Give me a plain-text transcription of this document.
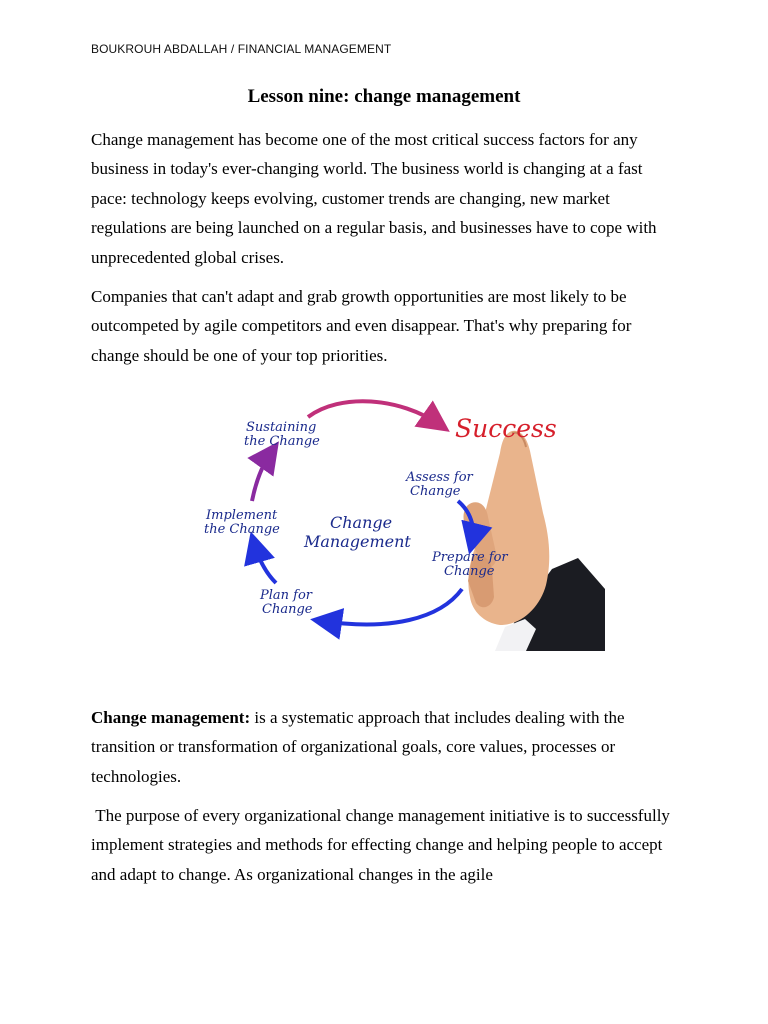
BOUKROUH ABDALLAH / FINANCIAL MANAGEMENT
Lesson nine: change management

Change management has become one of the most critical success factors for any business in today's ever-changing world. The business world is changing at a fast pace: technology keeps evolving, customer trends are changing, new market regulations are being launched on a regular basis, and businesses have to cope with unprecedented global crises.

Companies that can't adapt and grab growth opportunities are most likely to be outcompeted by agile competitors and even disappear. That's why preparing for change should be one of your top priorities.

Success
Sustaining
the Change
Implement
the Change
Plan for
Change
Assess for
Change
Prepare for
Change
Change
Management

Change management: is a systematic approach that includes dealing with the transition or transformation of organizational goals, core values, processes or technologies.

The purpose of every organizational change management initiative is to successfully implement strategies and methods for effecting change and helping people to accept and adapt to change. As organizational changes in the agile
